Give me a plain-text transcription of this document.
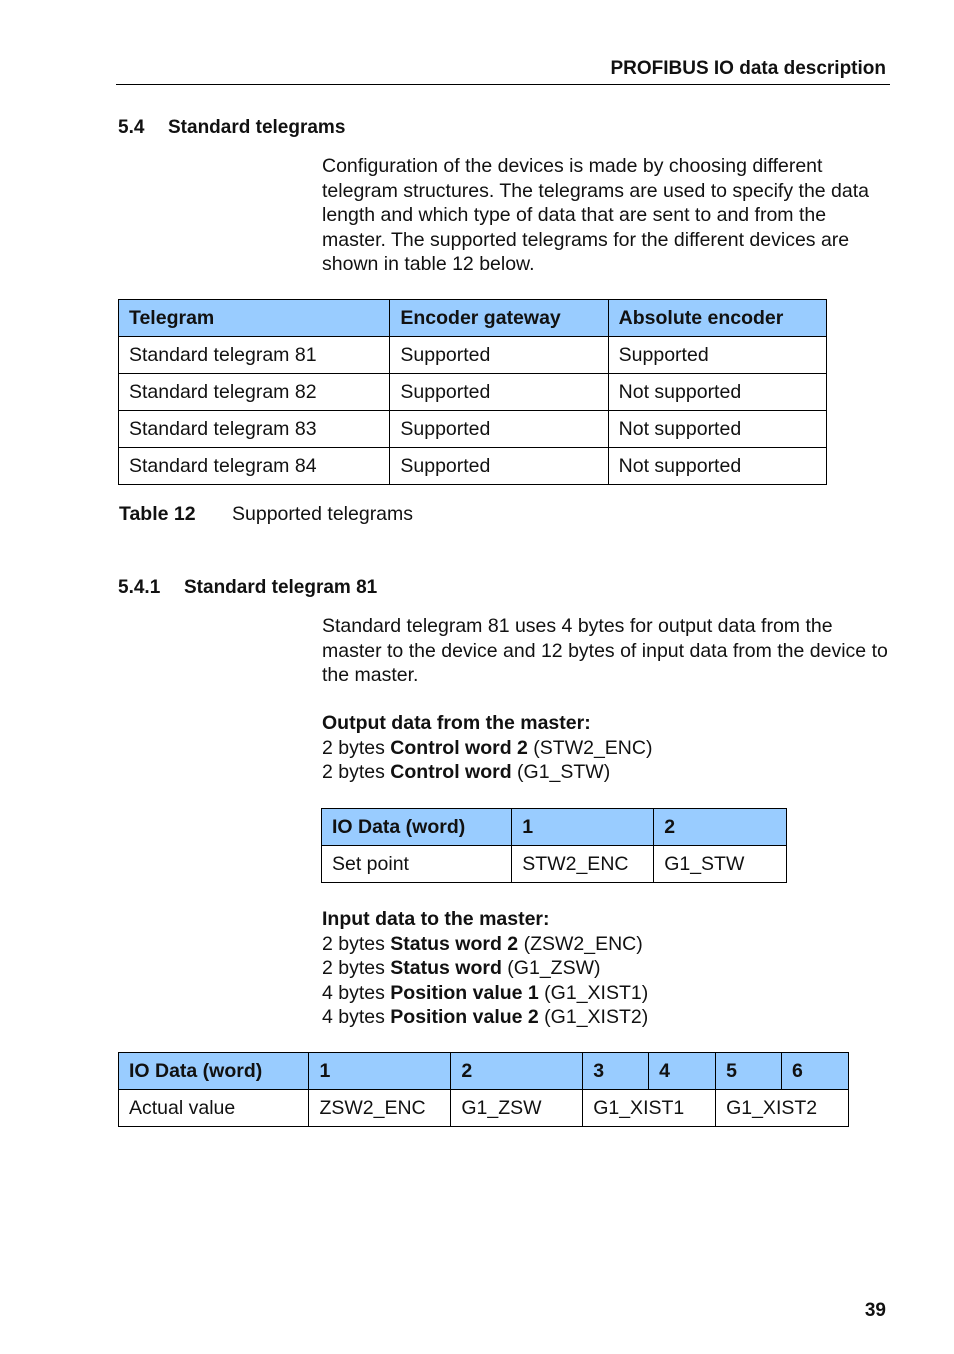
PROFIBUS IO data description
5.4 Standard telegrams
Configuration of the devices is made by choosing different
telegram structures. The telegrams are used to specify the data
length and which type of data that are sent to and from the
master. The supported telegrams for the different devices are
shown in table 12 below.
Telegram	Encoder gateway	Absolute encoder
Standard telegram 81	Supported	Supported
Standard telegram 82	Supported	Not supported
Standard telegram 83	Supported	Not supported
Standard telegram 84	Supported	Not supported
Table 12 Supported telegrams
5.4.1 Standard telegram 81
Standard telegram 81 uses 4 bytes for output data from the
master to the device and 12 bytes of input data from the device to
the master.
Output data from the master:
2 bytes Control word 2 (STW2_ENC)
2 bytes Control word (G1_STW)
IO Data (word)	1	2
Set point	STW2_ENC	G1_STW
Input data to the master:
2 bytes Status word 2 (ZSW2_ENC)
2 bytes Status word (G1_ZSW)
4 bytes Position value 1 (G1_XIST1)
4 bytes Position value 2 (G1_XIST2)
IO Data (word)	1	2	3	4	5	6
Actual value	ZSW2_ENC	G1_ZSW	G1_XIST1		G1_XIST2	
39
